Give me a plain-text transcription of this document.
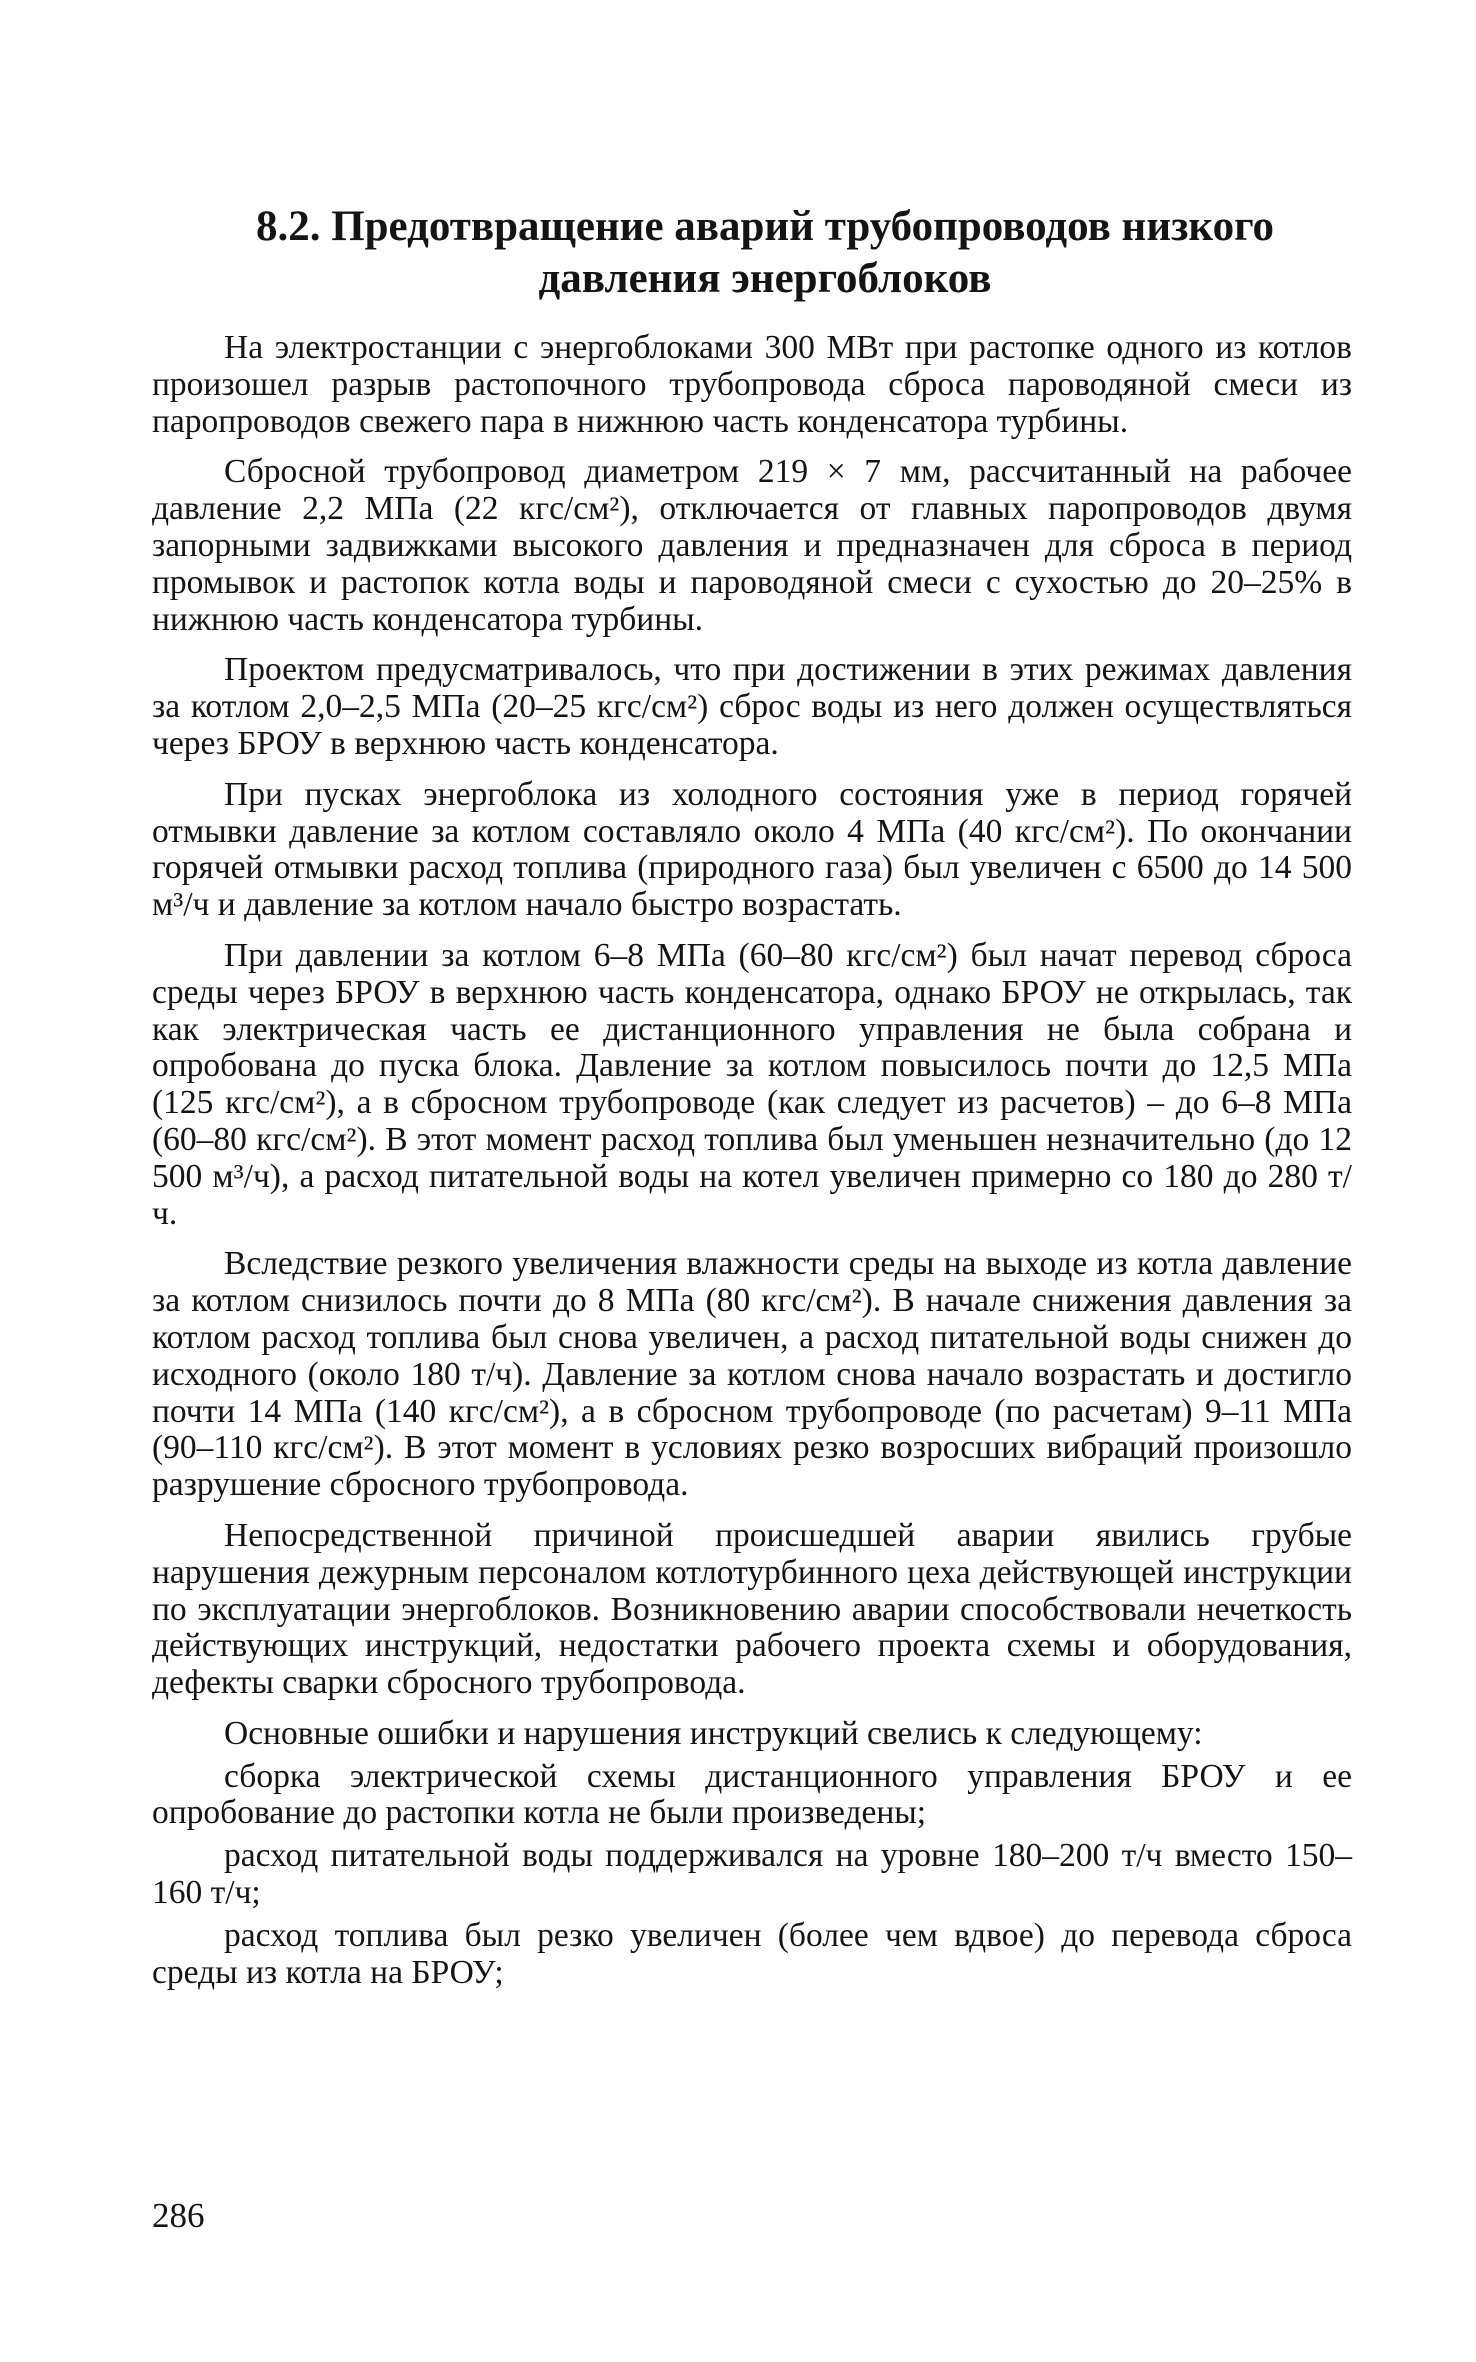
8.2. Предотвращение аварий трубопроводов низкого
давления энергоблоков

На электростанции с энергоблоками 300 МВт при растопке одного из котлов произошел разрыв растопочного трубопровода сброса пароводяной смеси из паропроводов свежего пара в нижнюю часть конденсатора турбины.

Сбросной трубопровод диаметром 219 × 7 мм, рассчитанный на рабочее давление 2,2 МПа (22 кгс/см²), отключается от главных паропроводов двумя запорными задвижками высокого давления и предназначен для сброса в период промывок и растопок котла воды и пароводяной смеси с сухостью до 20–25% в нижнюю часть конденсатора турбины.

Проектом предусматривалось, что при достижении в этих режимах давления за котлом 2,0–2,5 МПа (20–25 кгс/см²) сброс воды из него должен осуществляться через БРОУ в верхнюю часть конденсатора.

При пусках энергоблока из холодного состояния уже в период горячей отмывки давление за котлом составляло около 4 МПа (40 кгс/см²). По окончании горячей отмывки расход топлива (природного газа) был увеличен с 6500 до 14 500 м³/ч и давление за котлом начало быстро возрастать.

При давлении за котлом 6–8 МПа (60–80 кгс/см²) был начат перевод сброса среды через БРОУ в верхнюю часть конденсатора, однако БРОУ не открылась, так как электрическая часть ее дистанционного управления не была собрана и опробована до пуска блока. Давление за котлом повысилось почти до 12,5 МПа (125 кгс/см²), а в сбросном трубопроводе (как следует из расчетов) – до 6–8 МПа (60–80 кгс/см²). В этот момент расход топлива был уменьшен незначительно (до 12 500 м³/ч), а расход питательной воды на котел увеличен примерно со 180 до 280 т/ч.

Вследствие резкого увеличения влажности среды на выходе из котла давление за котлом снизилось почти до 8 МПа (80 кгс/см²). В начале снижения давления за котлом расход топлива был снова увеличен, а расход питательной воды снижен до исходного (около 180 т/ч). Давление за котлом снова начало возрастать и достигло почти 14 МПа (140 кгс/см²), а в сбросном трубопроводе (по расчетам) 9–11 МПа (90–110 кгс/см²). В этот момент в условиях резко возросших вибраций произошло разрушение сбросного трубопровода.

Непосредственной причиной происшедшей аварии явились грубые нарушения дежурным персоналом котлотурбинного цеха действующей инструкции по эксплуатации энергоблоков. Возникновению аварии способствовали нечеткость действующих инструкций, недостатки рабочего проекта схемы и оборудования, дефекты сварки сбросного трубопровода.

Основные ошибки и нарушения инструкций свелись к следующему:

сборка электрической схемы дистанционного управления БРОУ и ее опробование до растопки котла не были произведены;

расход питательной воды поддерживался на уровне 180–200 т/ч вместо 150–160 т/ч;

расход топлива был резко увеличен (более чем вдвое) до перевода сброса среды из котла на БРОУ;

286
